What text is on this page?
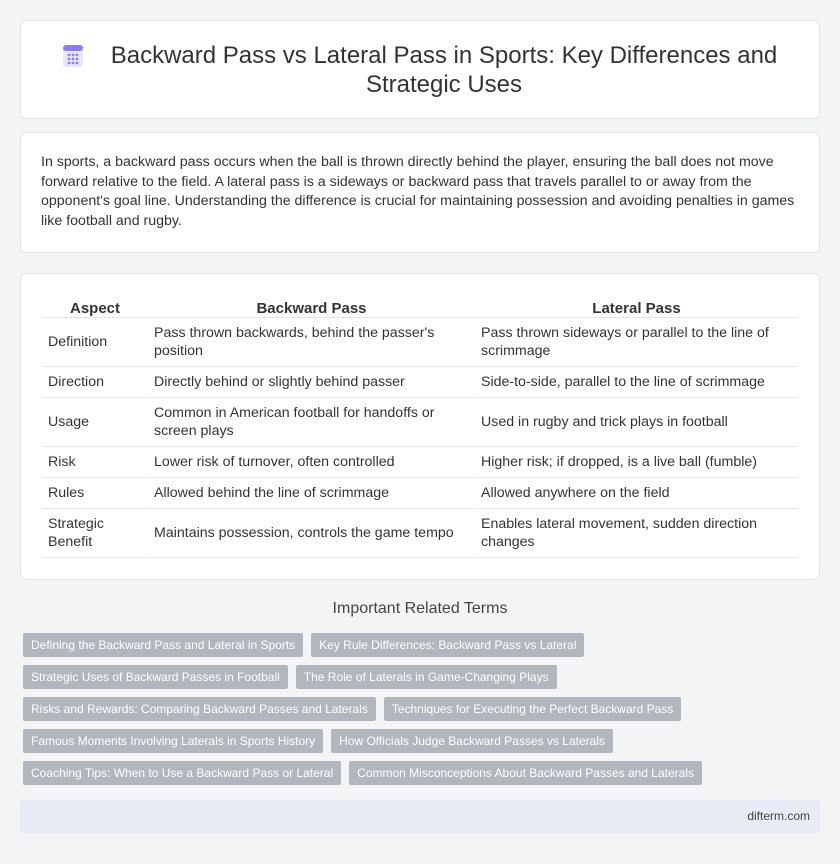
Backward Pass vs Lateral Pass in Sports: Key Differences and Strategic Uses

In sports, a backward pass occurs when the ball is thrown directly behind the player, ensuring the ball does not move forward relative to the field. A lateral pass is a sideways or backward pass that travels parallel to or away from the opponent's goal line. Understanding the difference is crucial for maintaining possession and avoiding penalties in games like football and rugby.

Aspect	Backward Pass	Lateral Pass
Definition	Pass thrown backwards, behind the passer's position	Pass thrown sideways or parallel to the line of scrimmage
Direction	Directly behind or slightly behind passer	Side-to-side, parallel to the line of scrimmage
Usage	Common in American football for handoffs or screen plays	Used in rugby and trick plays in football
Risk	Lower risk of turnover, often controlled	Higher risk; if dropped, is a live ball (fumble)
Rules	Allowed behind the line of scrimmage	Allowed anywhere on the field
Strategic Benefit	Maintains possession, controls the game tempo	Enables lateral movement, sudden direction changes
Important Related Terms
Defining the Backward Pass and Lateral in Sports	Key Rule Differences: Backward Pass vs Lateral
Strategic Uses of Backward Passes in Football	The Role of Laterals in Game-Changing Plays
Risks and Rewards: Comparing Backward Passes and Laterals	Techniques for Executing the Perfect Backward Pass
Famous Moments Involving Laterals in Sports History	How Officials Judge Backward Passes vs Laterals
Coaching Tips: When to Use a Backward Pass or Lateral	Common Misconceptions About Backward Passes and Laterals
difterm.com
